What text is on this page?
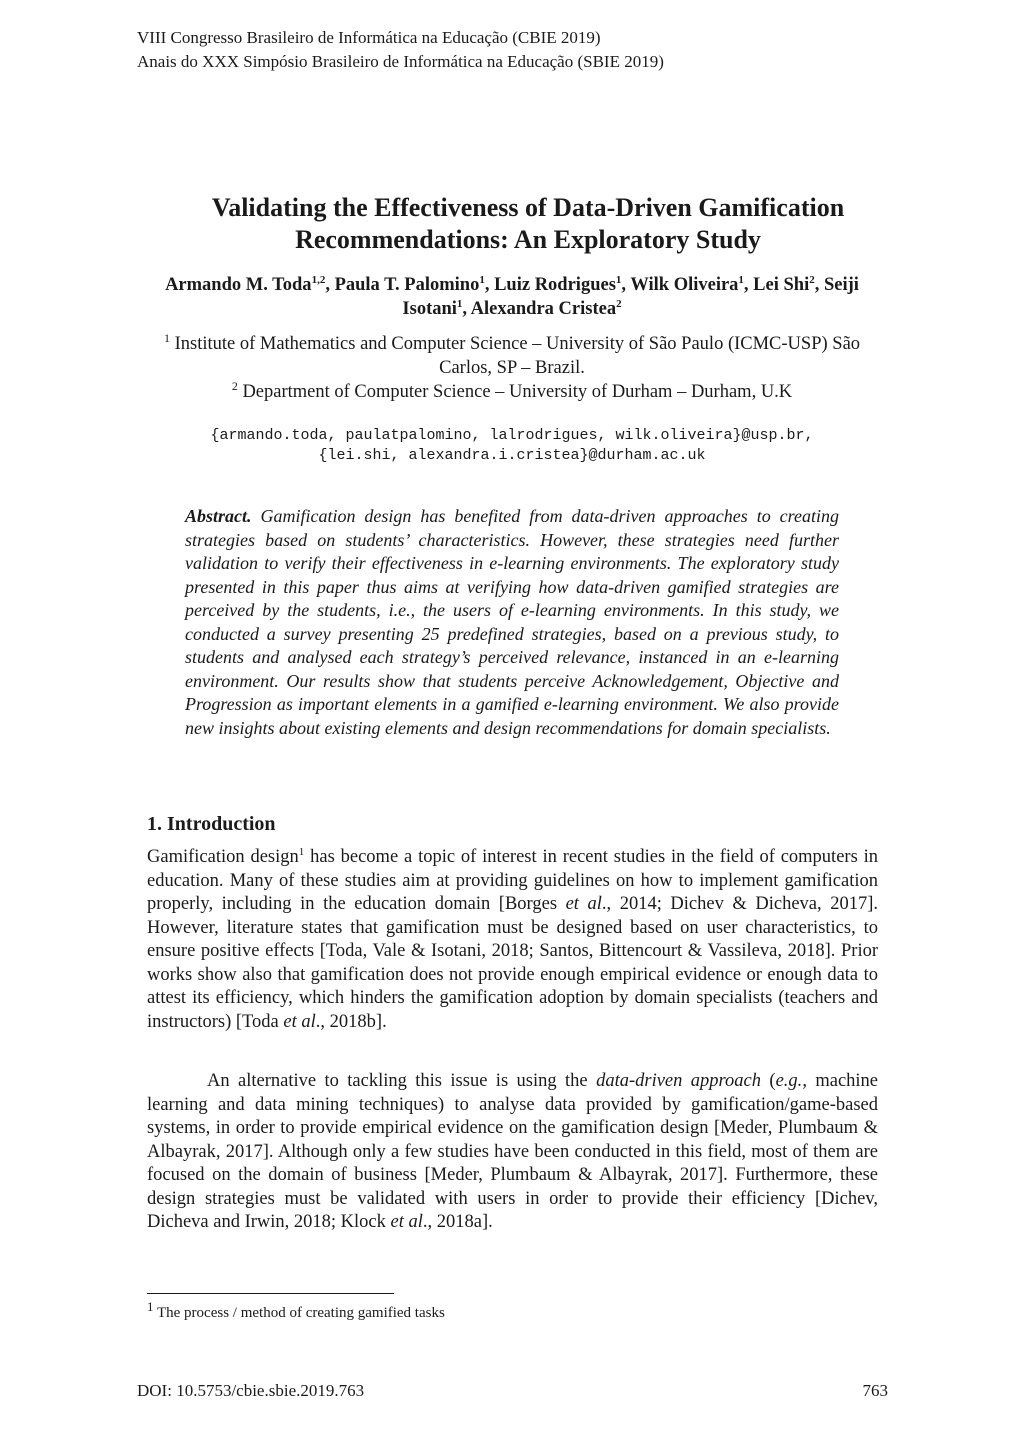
VIII Congresso Brasileiro de Informática na Educação (CBIE 2019)
Anais do XXX Simpósio Brasileiro de Informática na Educação (SBIE 2019)
Validating the Effectiveness of Data-Driven Gamification
Recommendations: An Exploratory Study
Armando M. Toda$^{1,2}$, Paula T. Palomino$^1$, Luiz Rodrigues$^1$, Wilk Oliveira$^1$, Lei Shi$^2$, Seiji Isotani$^1$, Alexandra Cristea$^2$
$^1$ Institute of Mathematics and Computer Science – University of São Paulo (ICMC-USP) São Carlos, SP – Brazil.
$^2$ Department of Computer Science – University of Durham – Durham, U.K
{armando.toda, paulatpalomino, lalrodrigues, wilk.oliveira}@usp.br,
{lei.shi, alexandra.i.cristea}@durham.ac.uk
Abstract. Gamification design has benefited from data-driven approaches to creating strategies based on students’ characteristics. However, these strategies need further validation to verify their effectiveness in e-learning environments. The exploratory study presented in this paper thus aims at verifying how data-driven gamified strategies are perceived by the students, i.e., the users of e-learning environments. In this study, we conducted a survey presenting 25 predefined strategies, based on a previous study, to students and analysed each strategy’s perceived relevance, instanced in an e-learning environment. Our results show that students perceive Acknowledgement, Objective and Progression as important elements in a gamified e-learning environment. We also provide new insights about existing elements and design recommendations for domain specialists.
1. Introduction
Gamification design$^1$ has become a topic of interest in recent studies in the field of computers in education. Many of these studies aim at providing guidelines on how to implement gamification properly, including in the education domain [Borges et al., 2014; Dichev & Dicheva, 2017]. However, literature states that gamification must be designed based on user characteristics, to ensure positive effects [Toda, Vale & Isotani, 2018; Santos, Bittencourt & Vassileva, 2018]. Prior works show also that gamification does not provide enough empirical evidence or enough data to attest its efficiency, which hinders the gamification adoption by domain specialists (teachers and instructors) [Toda et al., 2018b].
An alternative to tackling this issue is using the data-driven approach (e.g., machine learning and data mining techniques) to analyse data provided by gamification/game-based systems, in order to provide empirical evidence on the gamification design [Meder, Plumbaum & Albayrak, 2017]. Although only a few studies have been conducted in this field, most of them are focused on the domain of business [Meder, Plumbaum & Albayrak, 2017]. Furthermore, these design strategies must be validated with users in order to provide their efficiency [Dichev, Dicheva and Irwin, 2018; Klock et al., 2018a].
$^1$ The process / method of creating gamified tasks
DOI: 10.5753/cbie.sbie.2019.763	763
